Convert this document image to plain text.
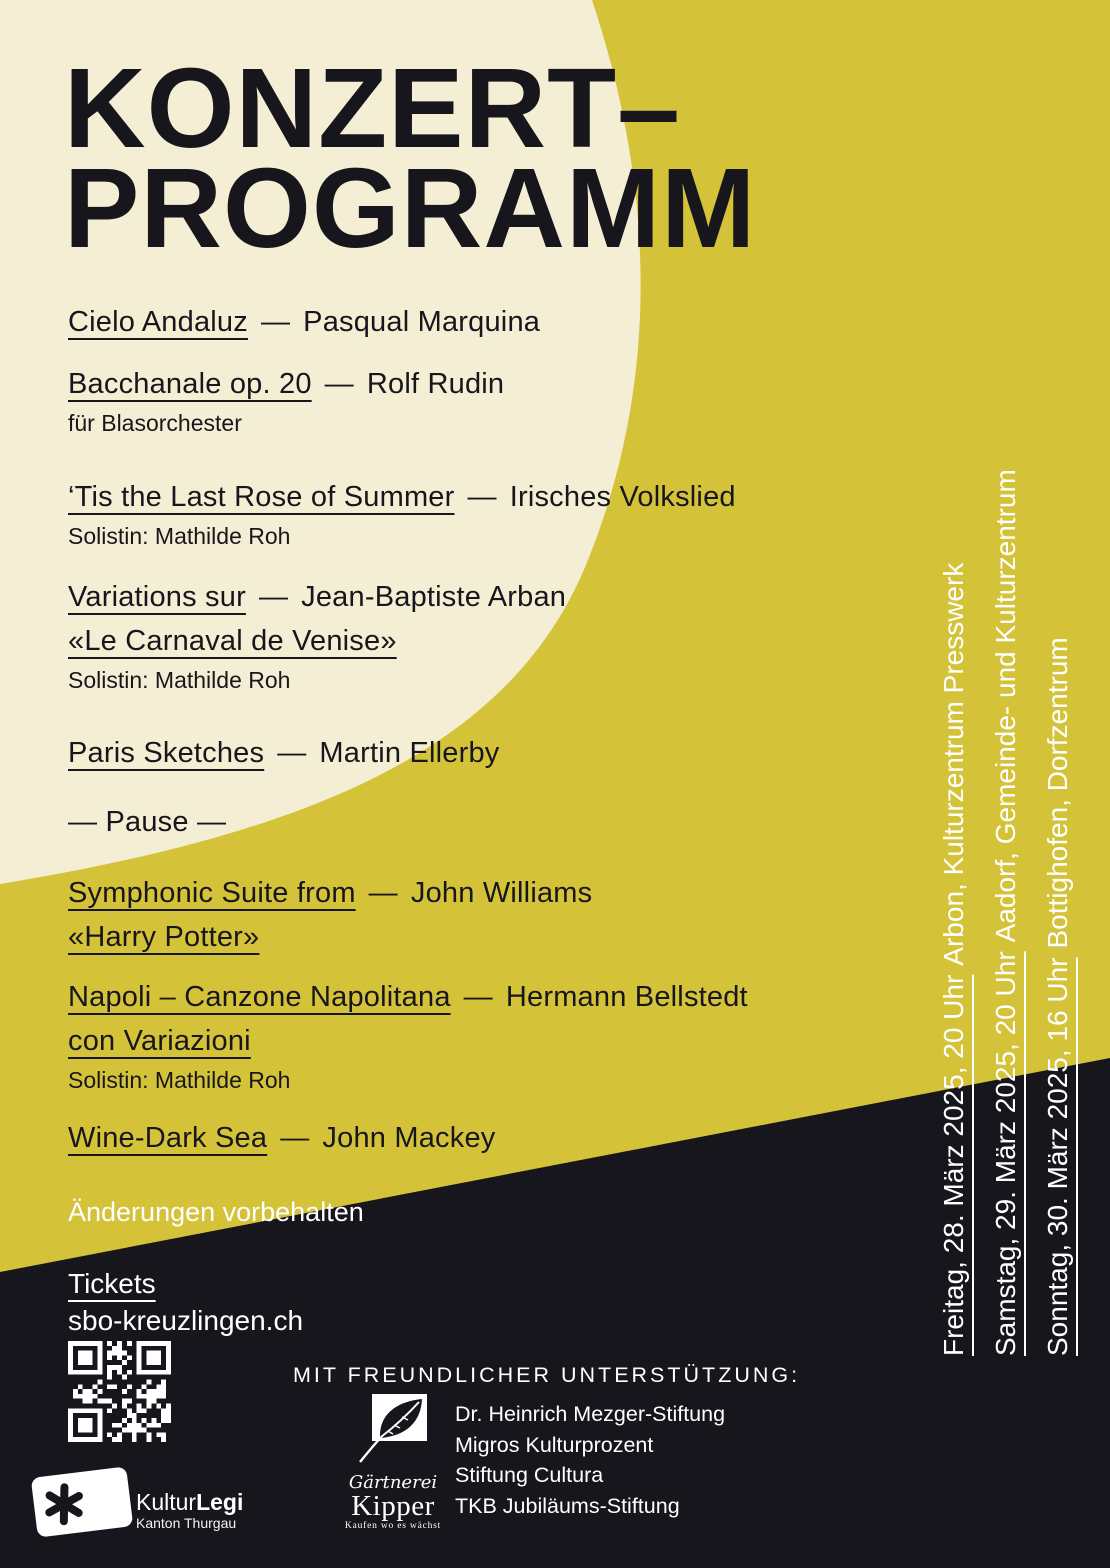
KONZERT–
PROGRAMM
Cielo Andaluz — Pasqual Marquina
Bacchanale op. 20 — Rolf Rudin
für Blasorchester
‘Tis the Last Rose of Summer — Irisches Volkslied
Solistin: Mathilde Roh
Variations sur — Jean-Baptiste Arban
«Le Carnaval de Venise»
Solistin: Mathilde Roh
Paris Sketches — Martin Ellerby
— Pause —
Symphonic Suite from — John Williams
«Harry Potter»
Napoli – Canzone Napolitana — Hermann Bellstedt
con Variazioni
Solistin: Mathilde Roh
Wine-Dark Sea — John Mackey
Änderungen vorbehalten	Freitag, 28. März 2025, 20 UhrArbon, Kulturzentrum Presswerk
Samstag, 29. März 2025, 20 UhrAadorf, Gemeinde- und Kulturzentrum
Sonntag, 30. März 2025, 16 UhrBottighofen, Dorfzentrum
Tickets
sbo-kreuzlingen.ch
MIT FREUNDLICHER UNTERSTÜTZUNG:
Dr. Heinrich Mezger-Stiftung
Migros Kulturprozent
Stiftung Cultura
TKB Jubiläums-Stiftung
Gärtnerei
Kipper
Kaufen wo es wächst
KulturLegi
Kanton Thurgau
